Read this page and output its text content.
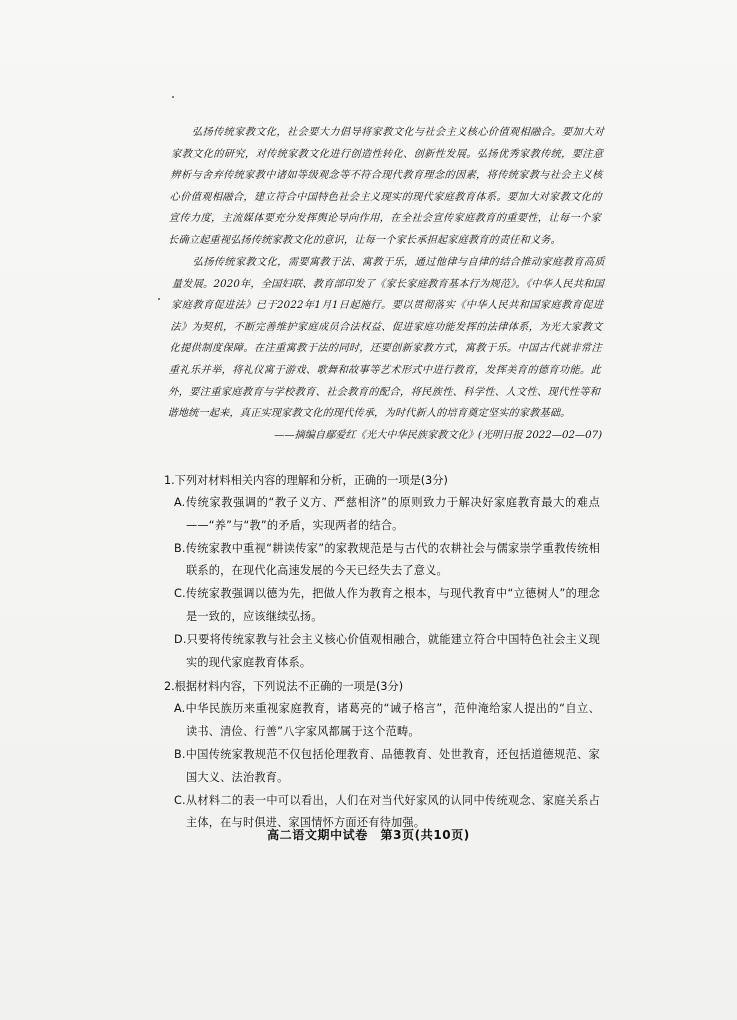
弘扬传统家教文化，社会要大力倡导将家教文化与社会主义核心价值观相融合。要加大对家教文化的研究，对传统家教文化进行创造性转化、创新性发展。弘扬优秀家教传统，要注意辨析与舍弃传统家教中诸如等级观念等不符合现代教育理念的因素，将传统家教与社会主义核心价值观相融合，建立符合中国特色社会主义现实的现代家庭教育体系。要加大对家教文化的宣传力度，主流媒体要充分发挥舆论导向作用，在全社会宣传家庭教育的重要性，让每一个家长确立起重视弘扬传统家教文化的意识，让每一个家长承担起家庭教育的责任和义务。

弘扬传统家教文化，需要寓教于法、寓教于乐，通过他律与自律的结合推动家庭教育高质量发展。2020年，全国妇联、教育部印发了《家长家庭教育基本行为规范》。《中华人民共和国家庭教育促进法》已于2022年1月1日起施行。要以贯彻落实《中华人民共和国家庭教育促进法》为契机，不断完善维护家庭成员合法权益、促进家庭功能发挥的法律体系，为光大家教文化提供制度保障。在注重寓教于法的同时，还要创新家教方式，寓教于乐。中国古代就非常注重礼乐并举，将礼仪寓于游戏、歌舞和故事等艺术形式中进行教育，发挥美育的德育功能。此外，要注重家庭教育与学校教育、社会教育的配合，将民族性、科学性、人文性、现代性等和谐地统一起来，真正实现家教文化的现代传承，为时代新人的培育奠定坚实的家教基础。

——摘编自鄢爱红《光大中华民族家教文化》(光明日报 2022—02—07)

1.下列对材料相关内容的理解和分析，正确的一项是(3分)

A.传统家教强调的“教子义方、严慈相济”的原则致力于解决好家庭教育最大的难点——“养”与“教”的矛盾，实现两者的结合。

B.传统家教中重视“耕读传家”的家教规范是与古代的农耕社会与儒家崇学重教传统相联系的，在现代化高速发展的今天已经失去了意义。

C.传统家教强调以德为先，把做人作为教育之根本，与现代教育中“立德树人”的理念是一致的，应该继续弘扬。

D.只要将传统家教与社会主义核心价值观相融合，就能建立符合中国特色社会主义现实的现代家庭教育体系。

2.根据材料内容，下列说法不正确的一项是(3分)

A.中华民族历来重视家庭教育，诸葛亮的“诫子格言”，范仲淹给家人提出的“自立、读书、清俭、行善”八字家风都属于这个范畴。

B.中国传统家教规范不仅包括伦理教育、品德教育、处世教育，还包括道德规范、家国大义、法治教育。

C.从材料二的表一中可以看出，人们在对当代好家风的认同中传统观念、家庭关系占主体，在与时俱进、家国情怀方面还有待加强。

高二语文期中试卷　第3页(共10页)
